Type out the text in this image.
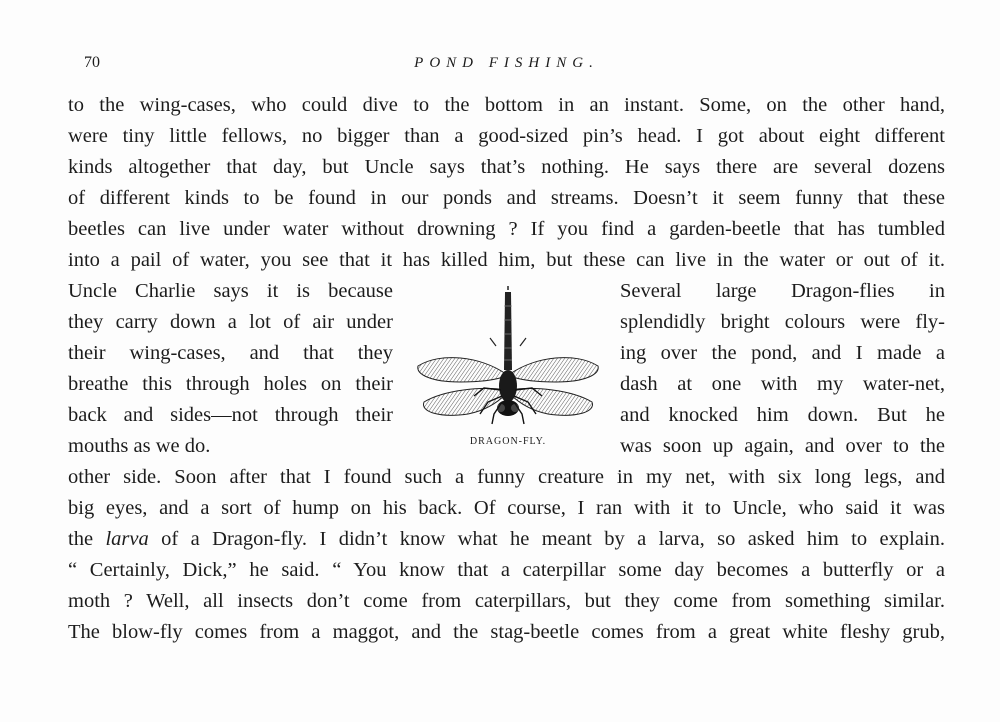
70	POND FISHING.
to the wing-cases, who could dive to the bottom in an instant. Some, on the other hand,
were tiny little fellows, no bigger than a good-sized pin’s head. I got about eight different
kinds altogether that day, but Uncle says that’s nothing. He says there are several dozens
of different kinds to be found in our ponds and streams. Doesn’t it seem funny that these
beetles can live under water without drowning ? If you find a garden-beetle that has tumbled
into a pail of water, you see that it has killed him, but these can live in the water or out of it.
Uncle Charlie says it is because
they carry down a lot of air under
their wing-cases, and that they
breathe this through holes on their
back and sides—not through their
mouths as we do.
Several large Dragon-flies in
splendidly bright colours were fly-
ing over the pond, and I made a
dash at one with my water-net,
and knocked him down. But he
was soon up again, and over to the
DRAGON-FLY.
other side. Soon after that I found such a funny creature in my net, with six long legs, and
big eyes, and a sort of hump on his back. Of course, I ran with it to Uncle, who said it was
the larva of a Dragon-fly. I didn’t know what he meant by a larva, so asked him to explain.
“ Certainly, Dick,” he said. “ You know that a caterpillar some day becomes a butterfly or a
moth ? Well, all insects don’t come from caterpillars, but they come from something similar.
The blow-fly comes from a maggot, and the stag-beetle comes from a great white fleshy grub,
